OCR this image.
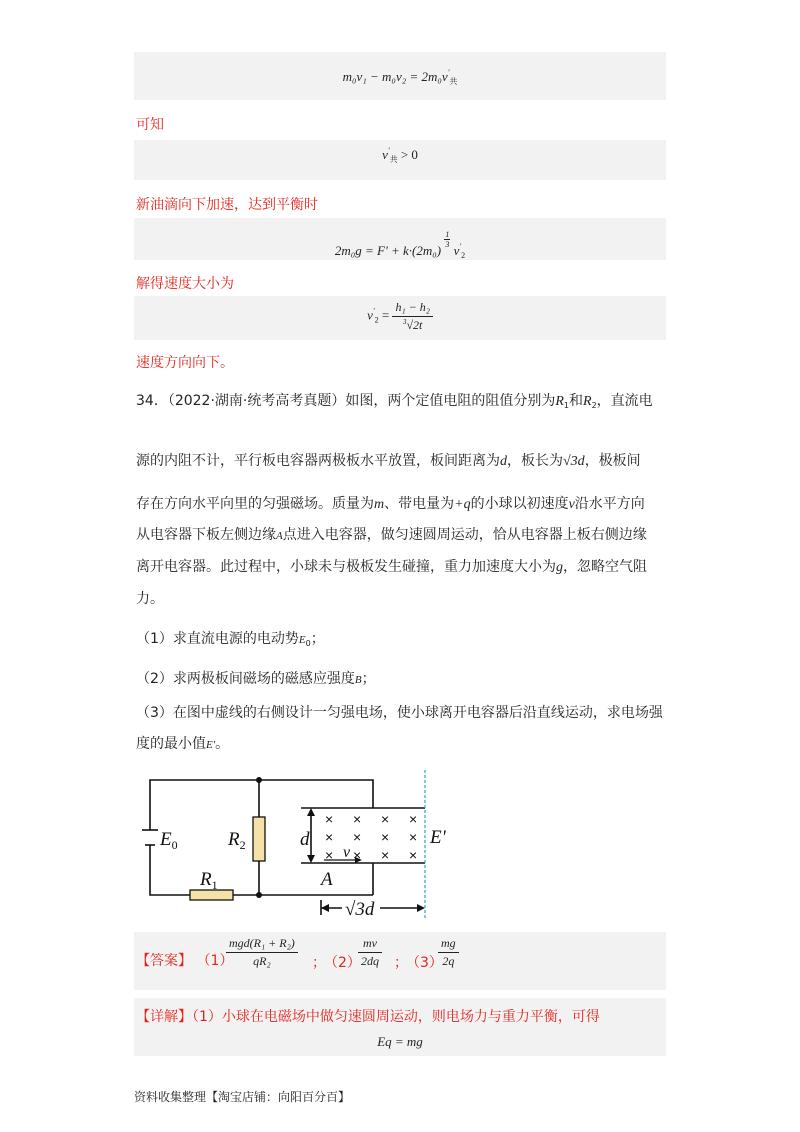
$m_0v_1 - m_0v_2 = 2m_0v'_共$
可知
$v'_共 > 0$
新油滴向下加速，达到平衡时
2m₀g = F' + k·(2m₀)
$\frac{1}{3}$
$v'_2$
解得速度大小为
$v'_2 = \frac{\text{h₁ − h₂}}{^3√2t}$
速度方向向下。
34．（2022·湖南·统考高考真题）如图，两个定值电阻的阻值分别为$R_1$和$R_2$，直流电
源的内阻不计，平行板电容器两极板水平放置，板间距离为d，板长为√3d，极板间
存在方向水平向里的匀强磁场。质量为m、带电量为+q的小球以初速度v沿水平方向
从电容器下板左侧边缘A点进入电容器，做匀速圆周运动，恰从电容器上板右侧边缘
离开电容器。此过程中，小球未与极板发生碰撞，重力加速度大小为g，忽略空气阻
力。
（1）求直流电源的电动势$E_0$；
（2）求两极板间磁场的磁感应强度B；
（3）在图中虚线的右侧设计一匀强电场，使小球离开电容器后沿直线运动，求电场强
度的最小值E'。
× × × ×
× × × ×
× × × ×
$E_0$	$R_2$
$R_1$
d
v
A
E'
√3d
【答案】 （1）
mgd(R₁ + R₂)
qR₂	；
（2）
$\frac{mv}{2dq}$ ；
（3）
$\frac{mg}{2q}$
【详解】（1）小球在电磁场中做匀速圆周运动，则电场力与重力平衡，可得
Eq = mg
资料收集整理【淘宝店铺：向阳百分百】
